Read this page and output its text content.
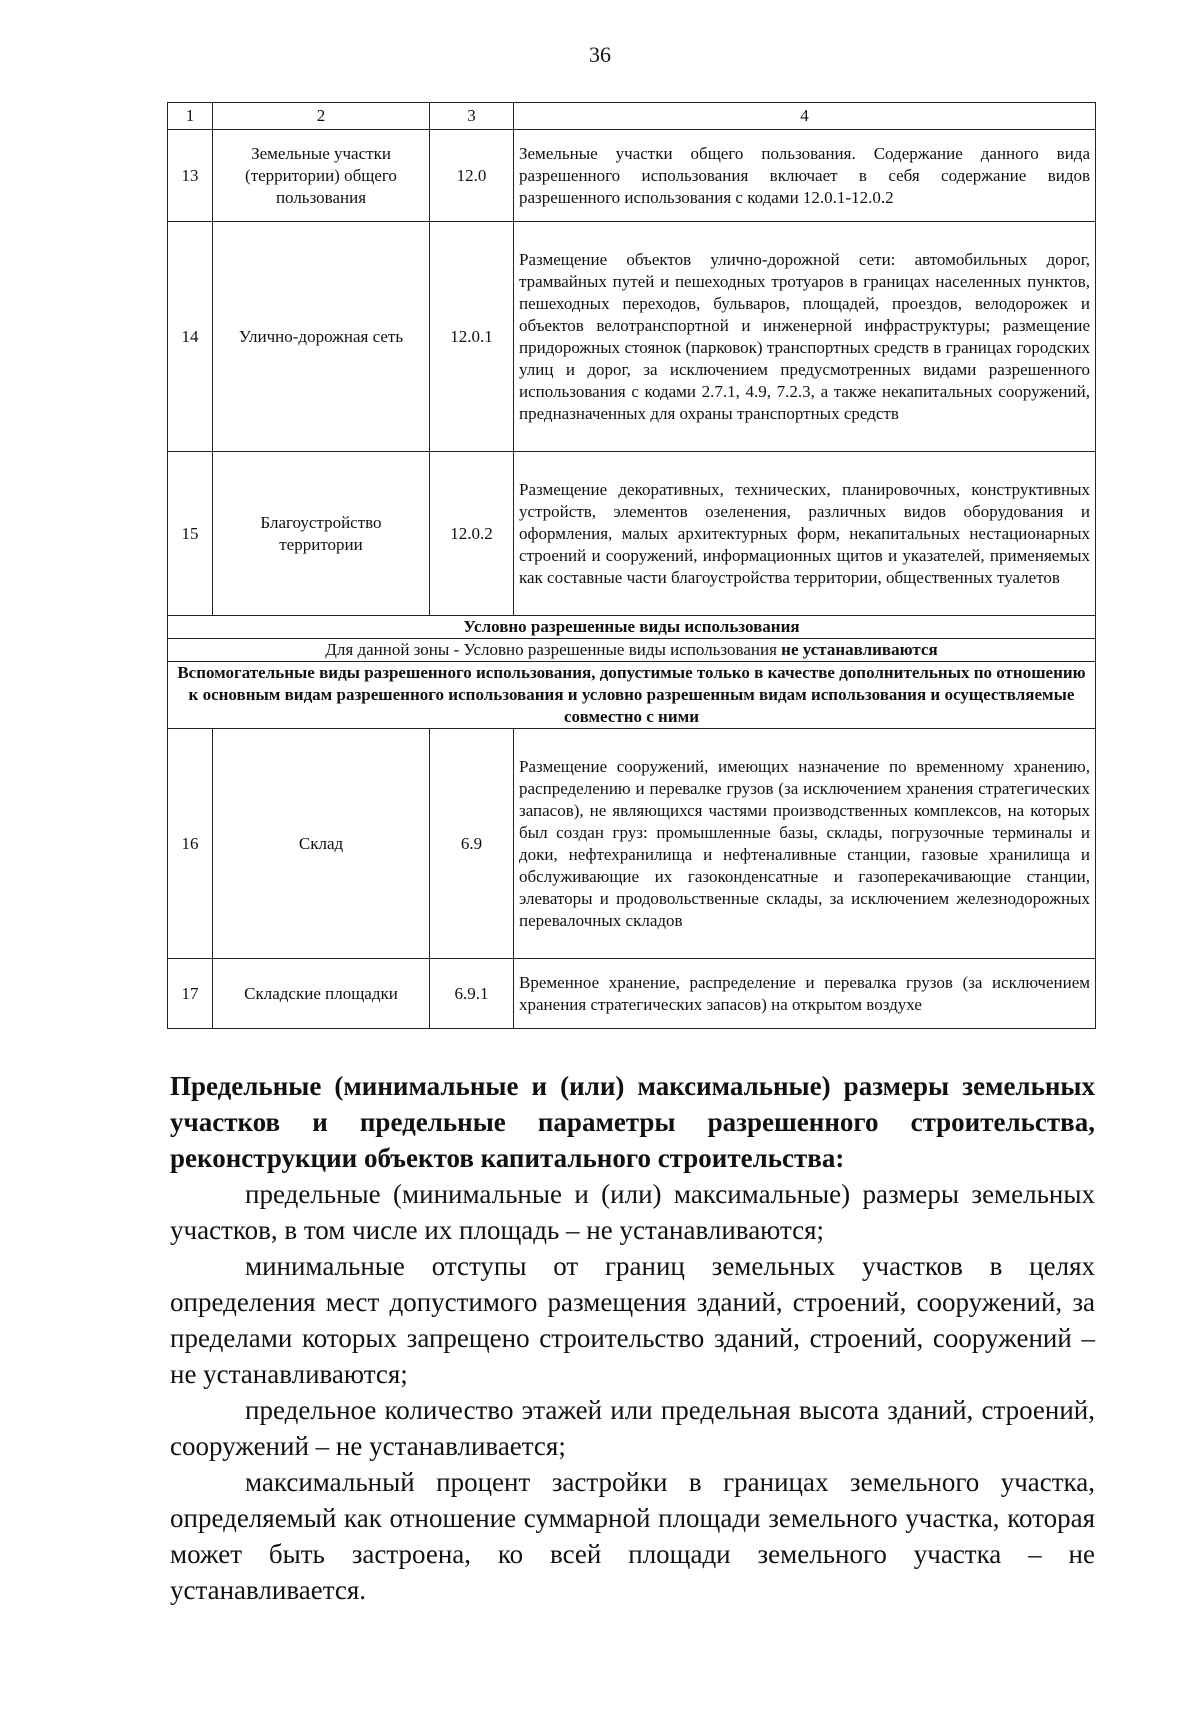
36
1	2	3	4
13	Земельные участки (территории) общего пользования	12.0	Земельные участки общего пользования. Содержание данного вида разрешенного использования включает в себя содержание видов разрешенного использования с кодами 12.0.1-12.0.2
14	Улично-дорожная сеть	12.0.1	Размещение объектов улично-дорожной сети: автомобильных дорог, трамвайных путей и пешеходных тротуаров в границах населенных пунктов, пешеходных переходов, бульваров, площадей, проездов, велодорожек и объектов велотранспортной и инженерной инфраструктуры; размещение придорожных стоянок (парковок) транспортных средств в границах городских улиц и дорог, за исключением предусмотренных видами разрешенного использования с кодами 2.7.1, 4.9, 7.2.3, а также некапитальных сооружений, предназначенных для охраны транспортных средств
15	Благоустройство территории	12.0.2	Размещение декоративных, технических, планировочных, конструктивных устройств, элементов озеленения, различных видов оборудования и оформления, малых архитектурных форм, некапитальных нестационарных строений и сооружений, информационных щитов и указателей, применяемых как составные части благоустройства территории, общественных туалетов
Условно разрешенные виды использования			
Для данной зоны - Условно разрешенные виды использования не устанавливаются			
Вспомогательные виды разрешенного использования, допустимые только в качестве дополнительных по отношению к основным видам разрешенного использования и условно разрешенным видам использования и осуществляемые совместно с ними			
16	Склад	6.9	Размещение сооружений, имеющих назначение по временному хранению, распределению и перевалке грузов (за исключением хранения стратегических запасов), не являющихся частями производственных комплексов, на которых был создан груз: промышленные базы, склады, погрузочные терминалы и доки, нефтехранилища и нефтеналивные станции, газовые хранилища и обслуживающие их газоконденсатные и газоперекачивающие станции, элеваторы и продовольственные склады, за исключением железнодорожных перевалочных складов
17	Складские площадки	6.9.1	Временное хранение, распределение и перевалка грузов (за исключением хранения стратегических запасов) на открытом воздухе
Предельные (минимальные и (или) максимальные) размеры земельных участков и предельные параметры разрешенного строительства, реконструкции объектов капитального строительства:

предельные (минимальные и (или) максимальные) размеры земельных участков, в том числе их площадь – не устанавливаются;

минимальные отступы от границ земельных участков в целях определения мест допустимого размещения зданий, строений, сооружений, за пределами которых запрещено строительство зданий, строений, сооружений – не устанавливаются;

предельное количество этажей или предельная высота зданий, строений, сооружений – не устанавливается;

максимальный процент застройки в границах земельного участка, определяемый как отношение суммарной площади земельного участка, которая может быть застроена, ко всей площади земельного участка – не устанавливается.
